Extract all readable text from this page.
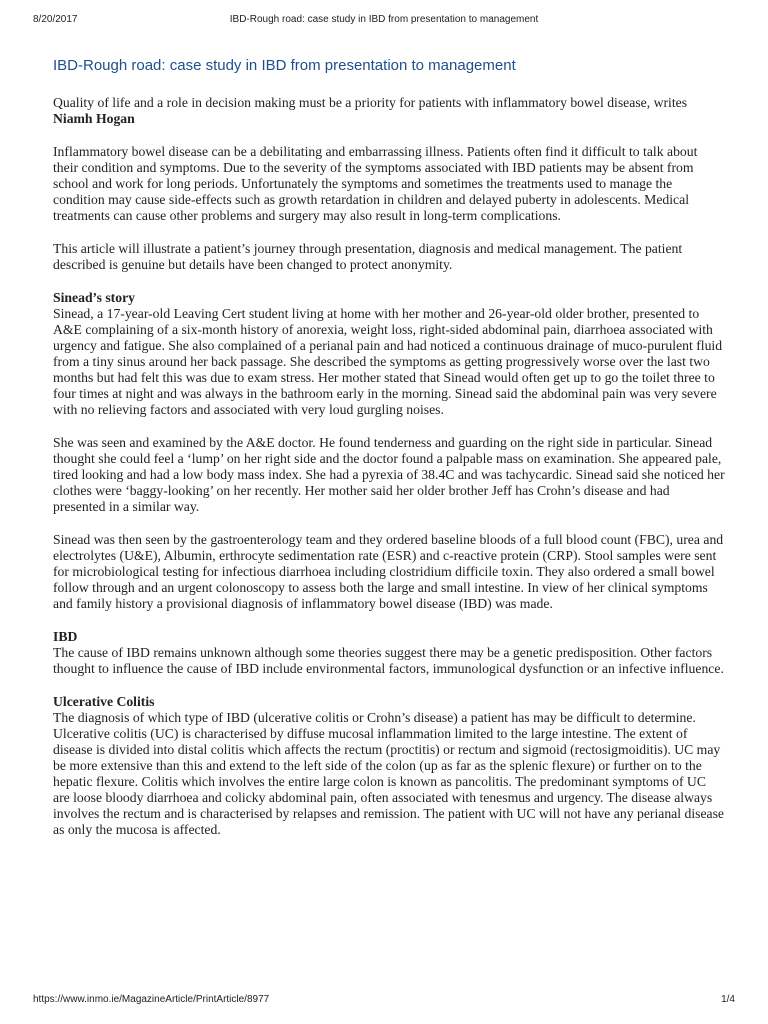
8/20/2017	IBD-Rough road: case study in IBD from presentation to management
IBD-Rough road: case study in IBD from presentation to management

Quality of life and a role in decision making must be a priority for patients with inflammatory bowel disease, writes Niamh Hogan

Inflammatory bowel disease can be a debilitating and embarrassing illness. Patients often find it difficult to talk about their condition and symptoms. Due to the severity of the symptoms associated with IBD patients may be absent from school and work for long periods. Unfortunately the symptoms and sometimes the treatments used to manage the condition may cause side-effects such as growth retardation in children and delayed puberty in adolescents. Medical treatments can cause other problems and surgery may also result in long-term complications.

This article will illustrate a patient’s journey through presentation, diagnosis and medical management. The patient described is genuine but details have been changed to protect anonymity.

Sinead’s story

Sinead, a 17-year-old Leaving Cert student living at home with her mother and 26-year-old older brother, presented to A&E complaining of a six-month history of anorexia, weight loss, right-sided abdominal pain, diarrhoea associated with urgency and fatigue. She also complained of a perianal pain and had noticed a continuous drainage of muco-purulent fluid from a tiny sinus around her back passage. She described the symptoms as getting progressively worse over the last two months but had felt this was due to exam stress. Her mother stated that Sinead would often get up to go the toilet three to four times at night and was always in the bathroom early in the morning. Sinead said the abdominal pain was very severe with no relieving factors and associated with very loud gurgling noises.

She was seen and examined by the A&E doctor. He found tenderness and guarding on the right side in particular. Sinead thought she could feel a ‘lump’ on her right side and the doctor found a palpable mass on examination. She appeared pale, tired looking and had a low body mass index. She had a pyrexia of 38.4C and was tachycardic. Sinead said she noticed her clothes were ‘baggy-looking’ on her recently. Her mother said her older brother Jeff has Crohn’s disease and had presented in a similar way.

Sinead was then seen by the gastroenterology team and they ordered baseline bloods of a full blood count (FBC), urea and electrolytes (U&E), Albumin, erthrocyte sedimentation rate (ESR) and c-reactive protein (CRP). Stool samples were sent for microbiological testing for infectious diarrhoea including clostridium difficile toxin. They also ordered a small bowel follow through and an urgent colonoscopy to assess both the large and small intestine. In view of her clinical symptoms and family history a provisional diagnosis of inflammatory bowel disease (IBD) was made.

IBD

The cause of IBD remains unknown although some theories suggest there may be a genetic predisposition. Other factors thought to influence the cause of IBD include environmental factors, immunological dysfunction or an infective influence.

Ulcerative Colitis

The diagnosis of which type of IBD (ulcerative colitis or Crohn’s disease) a patient has may be difficult to determine. Ulcerative colitis (UC) is characterised by diffuse mucosal inflammation limited to the large intestine. The extent of disease is divided into distal colitis which affects the rectum (proctitis) or rectum and sigmoid (rectosigmoiditis). UC may be more extensive than this and extend to the left side of the colon (up as far as the splenic flexure) or further on to the hepatic flexure. Colitis which involves the entire large colon is known as pancolitis. The predominant symptoms of UC are loose bloody diarrhoea and colicky abdominal pain, often associated with tenesmus and urgency. The disease always involves the rectum and is characterised by relapses and remission. The patient with UC will not have any perianal disease as only the mucosa is affected.

https://www.inmo.ie/MagazineArticle/PrintArticle/8977	1/4
